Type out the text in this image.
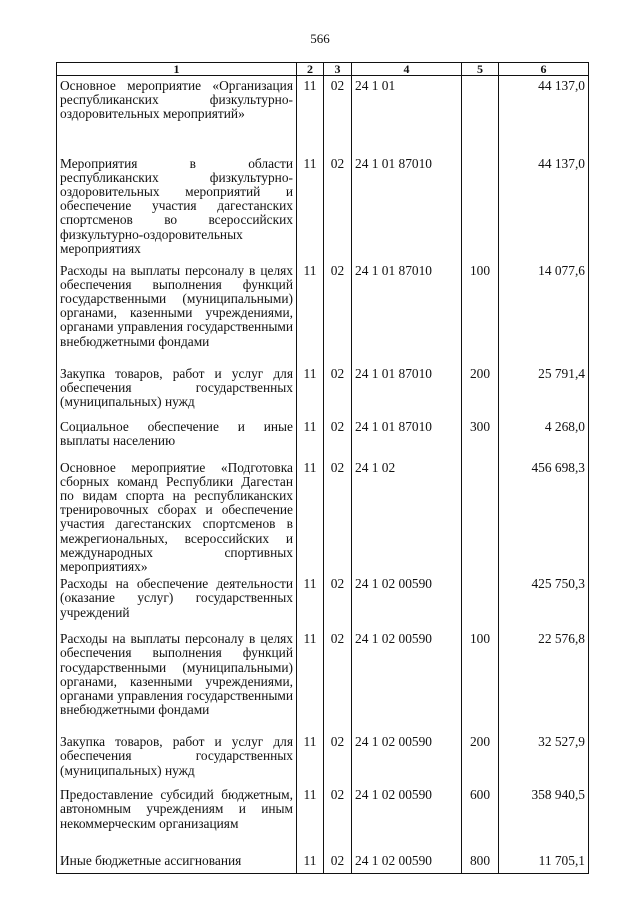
566
1	2	3	4	5	6
Основное мероприятие «Организация республиканских физкультурно-оздоровительных мероприятий»	11	02	24 1 01		44 137,0
Мероприятия в области республиканских физкультурно-оздоровительных мероприятий и обеспечение участия дагестанских спортсменов во всероссийских физкультурно-оздоровительных мероприятиях	11	02	24 1 01 87010		44 137,0
Расходы на выплаты персоналу в целях обеспечения выполнения функций государственными (муниципальными) органами, казенными учреждениями, органами управления государственными внебюджетными фондами	11	02	24 1 01 87010	100	14 077,6
Закупка товаров, работ и услуг для обеспечения государственных (муниципальных) нужд	11	02	24 1 01 87010	200	25 791,4
Социальное обеспечение и иные выплаты населению	11	02	24 1 01 87010	300	4 268,0
Основное мероприятие «Подготовка сборных команд Республики Дагестан по видам спорта на республиканских тренировочных сборах и обеспечение участия дагестанских спортсменов в межрегиональных, всероссийских и международных спортивных мероприятиях»	11	02	24 1 02		456 698,3
Расходы на обеспечение деятельности (оказание услуг) государственных учреждений	11	02	24 1 02 00590		425 750,3
Расходы на выплаты персоналу в целях обеспечения выполнения функций государственными (муниципальными) органами, казенными учреждениями, органами управления государственными внебюджетными фондами	11	02	24 1 02 00590	100	22 576,8
Закупка товаров, работ и услуг для обеспечения государственных (муниципальных) нужд	11	02	24 1 02 00590	200	32 527,9
Предоставление субсидий бюджетным, автономным учреждениям и иным некоммерческим организациям	11	02	24 1 02 00590	600	358 940,5
Иные бюджетные ассигнования	11	02	24 1 02 00590	800	11 705,1
